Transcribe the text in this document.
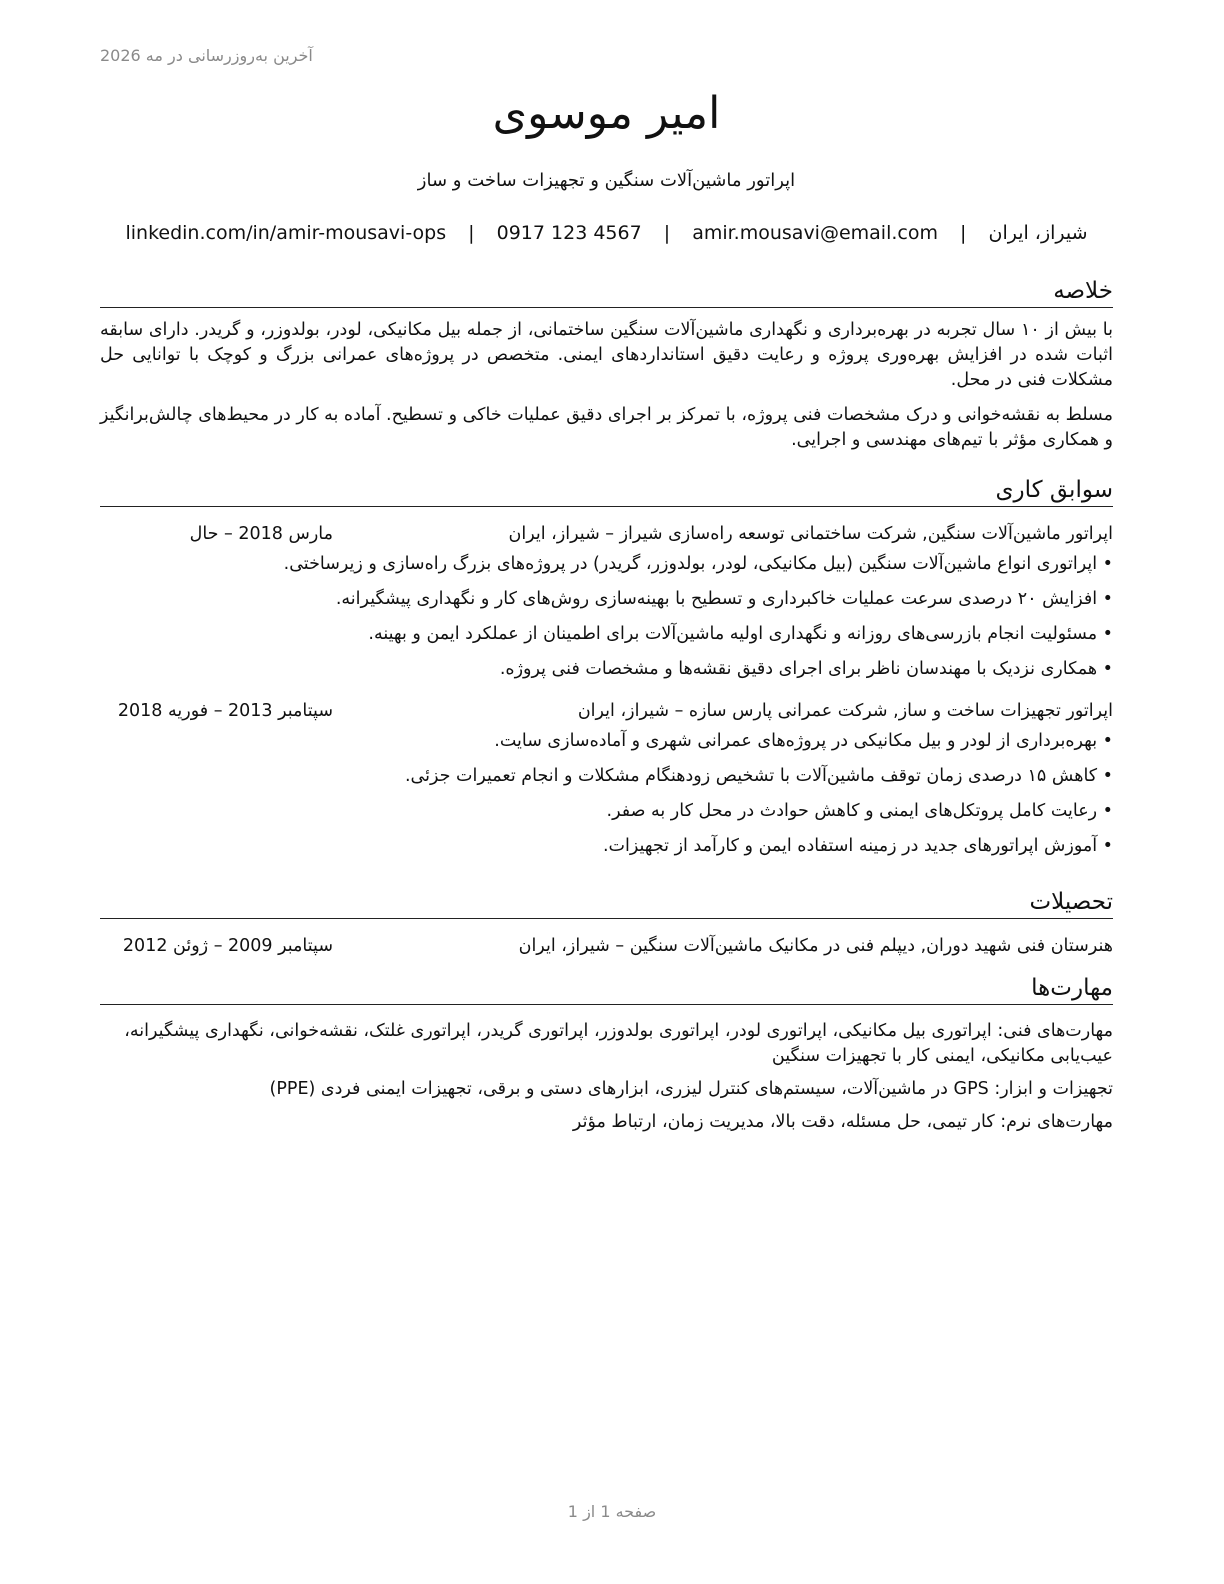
آخرین به‌روزرسانی در مه 2026
امیر موسوی
اپراتور ماشین‌آلات سنگین و تجهیزات ساخت و ساز
شیراز، ایران | amir.mousavi@email.com | 0917 123 4567 | linkedin.com/in/amir-mousavi-ops
خلاصه

با بیش از ۱۰ سال تجربه در بهره‌برداری و نگهداری ماشین‌آلات سنگین ساختمانی، از جمله بیل مکانیکی، لودر، بولدوزر، و گریدر. دارای سابقه اثبات شده در افزایش بهره‌وری پروژه و رعایت دقیق استانداردهای ایمنی. متخصص در پروژه‌های عمرانی بزرگ و کوچک با توانایی حل مشکلات فنی در محل.

مسلط به نقشه‌خوانی و درک مشخصات فنی پروژه، با تمرکز بر اجرای دقیق عملیات خاکی و تسطیح. آماده به کار در محیط‌های چالش‌برانگیز و همکاری مؤثر با تیم‌های مهندسی و اجرایی.

سوابق کاری
اپراتور ماشین‌آلات سنگین, شرکت ساختمانی توسعه راه‌سازی شیراز – شیراز، ایران
مارس 2018 – حال
• اپراتوری انواع ماشین‌آلات سنگین (بیل مکانیکی، لودر، بولدوزر، گریدر) در پروژه‌های بزرگ راه‌سازی و زیرساختی.
• افزایش ۲۰ درصدی سرعت عملیات خاکبرداری و تسطیح با بهینه‌سازی روش‌های کار و نگهداری پیشگیرانه.
• مسئولیت انجام بازرسی‌های روزانه و نگهداری اولیه ماشین‌آلات برای اطمینان از عملکرد ایمن و بهینه.
• همکاری نزدیک با مهندسان ناظر برای اجرای دقیق نقشه‌ها و مشخصات فنی پروژه.
اپراتور تجهیزات ساخت و ساز, شرکت عمرانی پارس سازه – شیراز، ایران
سپتامبر 2013 – فوریه 2018
• بهره‌برداری از لودر و بیل مکانیکی در پروژه‌های عمرانی شهری و آماده‌سازی سایت.
• کاهش ۱۵ درصدی زمان توقف ماشین‌آلات با تشخیص زودهنگام مشکلات و انجام تعمیرات جزئی.
• رعایت کامل پروتکل‌های ایمنی و کاهش حوادث در محل کار به صفر.
• آموزش اپراتورهای جدید در زمینه استفاده ایمن و کارآمد از تجهیزات.
تحصیلات
هنرستان فنی شهید دوران, دیپلم فنی در مکانیک ماشین‌آلات سنگین – شیراز، ایران
سپتامبر 2009 – ژوئن 2012
مهارت‌ها
مهارت‌های فنی: اپراتوری بیل مکانیکی، اپراتوری لودر، اپراتوری بولدوزر، اپراتوری گریدر، اپراتوری غلتک، نقشه‌خوانی، نگهداری پیشگیرانه، عیب‌یابی مکانیکی، ایمنی کار با تجهیزات سنگین
تجهیزات و ابزار: GPS در ماشین‌آلات، سیستم‌های کنترل لیزری، ابزارهای دستی و برقی، تجهیزات ایمنی فردی (PPE)
مهارت‌های نرم: کار تیمی، حل مسئله، دقت بالا، مدیریت زمان، ارتباط مؤثر
صفحه 1 از 1
